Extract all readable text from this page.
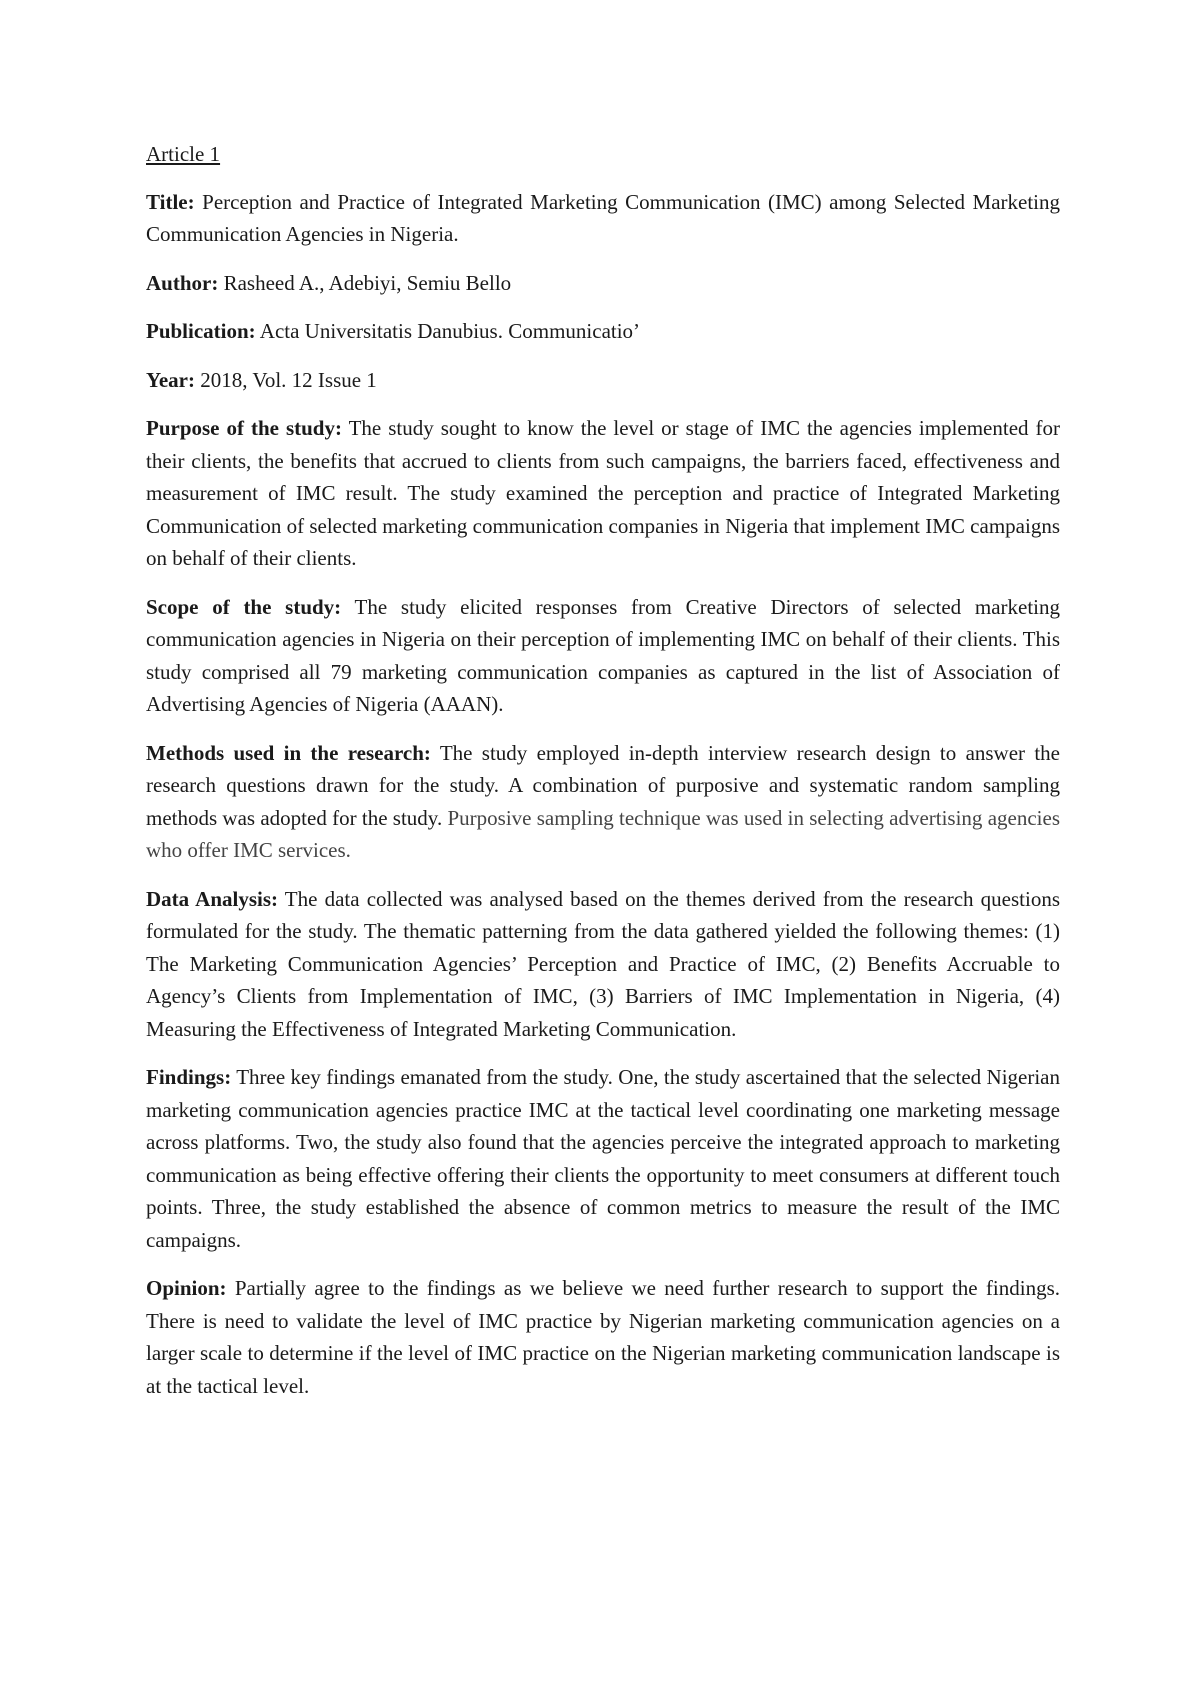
Article 1
Title: Perception and Practice of Integrated Marketing Communication (IMC) among Selected Marketing Communication Agencies in Nigeria.
Author: Rasheed A., Adebiyi, Semiu Bello
Publication: Acta Universitatis Danubius. Communicatio’
Year: 2018, Vol. 12 Issue 1
Purpose of the study: The study sought to know the level or stage of IMC the agencies implemented for their clients, the benefits that accrued to clients from such campaigns, the barriers faced, effectiveness and measurement of IMC result. The study examined the perception and practice of Integrated Marketing Communication of selected marketing communication companies in Nigeria that implement IMC campaigns on behalf of their clients.
Scope of the study: The study elicited responses from Creative Directors of selected marketing communication agencies in Nigeria on their perception of implementing IMC on behalf of their clients. This study comprised all 79 marketing communication companies as captured in the list of Association of Advertising Agencies of Nigeria (AAAN).
Methods used in the research: The study employed in-depth interview research design to answer the research questions drawn for the study. A combination of purposive and systematic random sampling methods was adopted for the study. Purposive sampling technique was used in selecting advertising agencies who offer IMC services.
Data Analysis: The data collected was analysed based on the themes derived from the research questions formulated for the study. The thematic patterning from the data gathered yielded the following themes: (1) The Marketing Communication Agencies’ Perception and Practice of IMC, (2) Benefits Accruable to Agency’s Clients from Implementation of IMC, (3) Barriers of IMC Implementation in Nigeria, (4) Measuring the Effectiveness of Integrated Marketing Communication.
Findings: Three key findings emanated from the study. One, the study ascertained that the selected Nigerian marketing communication agencies practice IMC at the tactical level coordinating one marketing message across platforms. Two, the study also found that the agencies perceive the integrated approach to marketing communication as being effective offering their clients the opportunity to meet consumers at different touch points. Three, the study established the absence of common metrics to measure the result of the IMC campaigns.
Opinion: Partially agree to the findings as we believe we need further research to support the findings. There is need to validate the level of IMC practice by Nigerian marketing communication agencies on a larger scale to determine if the level of IMC practice on the Nigerian marketing communication landscape is at the tactical level.
